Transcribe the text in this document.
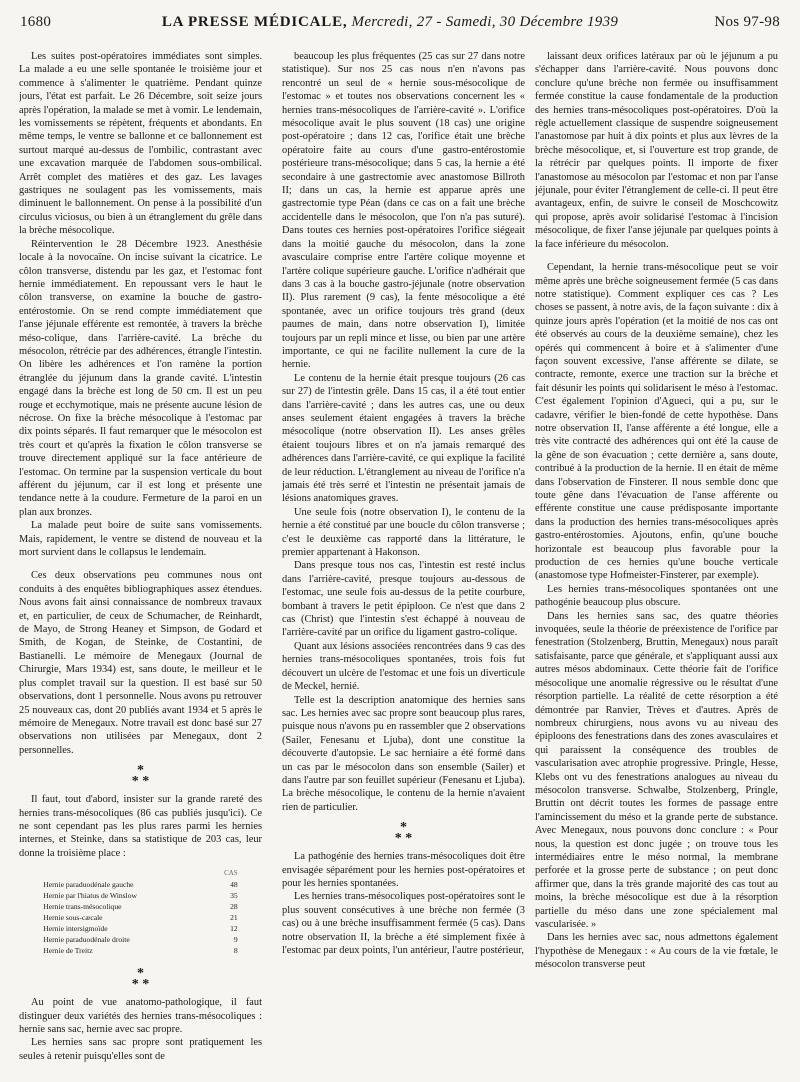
1680	LA PRESSE MÉDICALE, Mercredi, 27 - Samedi, 30 Décembre 1939	Nos 97-98

Les suites post-opératoires immédiates sont simples. La malade a eu une selle spontanée le troisième jour et commence à s'alimenter le quatrième. Pendant quinze jours, l'état est parfait. Le 26 Décembre, soit seize jours après l'opération, la malade se met à vomir. Le lendemain, les vomissements se répètent, fréquents et abondants. En même temps, le ventre se ballonne et ce ballonnement est surtout marqué au-dessus de l'ombilic, contrastant avec une excavation marquée de l'abdomen sous-ombilical. Arrêt complet des matières et des gaz. Les lavages gastriques ne soulagent pas les vomissements, mais diminuent le ballonnement. On pense à la possibilité d'un circulus viciosus, ou bien à un étranglement du grêle dans la brèche mésocolique.

Réintervention le 28 Décembre 1923. Anesthésie locale à la novocaïne. On incise suivant la cicatrice. Le côlon transverse, distendu par les gaz, et l'estomac font hernie immédiatement. En repoussant vers le haut le côlon transverse, on examine la bouche de gastro-entérostomie. On se rend compte immédiatement que l'anse jéjunale efférente est remontée, à travers la brèche méso-colique, dans l'arrière-cavité. La brèche du mésocolon, rétrécie par des adhérences, étrangle l'intestin. On libère les adhérences et l'on ramène la portion étranglée du jéjunum dans la grande cavité. L'intestin engagé dans la brèche est long de 50 cm. Il est un peu rouge et ecchymotique, mais ne présente aucune lésion de nécrose. On fixe la brèche mésocolique à l'estomac par dix points séparés. Il faut remarquer que le mésocolon est très court et qu'après la fixation le côlon transverse se trouve directement appliqué sur la face antérieure de l'estomac. On termine par la suspension verticale du bout afférent du jéjunum, car il est long et présente une tendance nette à la coudure. Fermeture de la paroi en un plan aux bronzes.

La malade peut boire de suite sans vomissements. Mais, rapidement, le ventre se distend de nouveau et la mort survient dans le collapsus le lendemain.

Ces deux observations peu communes nous ont conduits à des enquêtes bibliographiques assez étendues. Nous avons fait ainsi connaissance de nombreux travaux et, en particulier, de ceux de Schumacher, de Reinhardt, de Mayo, de Strong Heaney et Simpson, de Godard et Smith, de Kogan, de Steinke, de Costantini, de Bastianelli. Le mémoire de Menegaux (Journal de Chirurgie, Mars 1934) est, sans doute, le meilleur et le plus complet travail sur la question. Il est basé sur 50 observations, dont 1 personnelle. Nous avons pu retrouver 25 nouveaux cas, dont 20 publiés avant 1934 et 5 après le mémoire de Menegaux. Notre travail est donc basé sur 27 observations non utilisées par Menegaux, dont 2 personnelles.

*
* *

Il faut, tout d'abord, insister sur la grande rareté des hernies trans-mésocoliques (86 cas publiés jusqu'ici). Ce ne sont cependant pas les plus rares parmi les hernies internes, et Steinke, dans sa statistique de 203 cas, leur donne la troisième place :

	CAS
Hernie paraduodénale gauche	48
Hernie par l'hiatus de Winslow	35
Hernie trans-mésocolique	28
Hernie sous-cæcale	21
Hernie intersigmoïde	12
Hernie paraduodénale droite	9
Hernie de Treitz	8
*
* *

Au point de vue anatomo-pathologique, il faut distinguer deux variétés des hernies trans-mésocoliques : hernie sans sac, hernie avec sac propre.

Les hernies sans sac propre sont pratiquement les seules à retenir puisqu'elles sont de

beaucoup les plus fréquentes (25 cas sur 27 dans notre statistique). Sur nos 25 cas nous n'en n'avons pas rencontré un seul de « hernie sous-mésocolique de l'estomac » et toutes nos observations concernent les « hernies trans-mésocoliques de l'arrière-cavité ». L'orifice mésocolique avait le plus souvent (18 cas) une origine post-opératoire ; dans 12 cas, l'orifice était une brèche opératoire faite au cours d'une gastro-entérostomie postérieure trans-mésocolique; dans 5 cas, la hernie a été secondaire à une gastrectomie avec anastomose Billroth II; dans un cas, la hernie est apparue après une gastrectomie type Péan (dans ce cas on a fait une brèche accidentelle dans le mésocolon, que l'on n'a pas suturé). Dans toutes ces hernies post-opératoires l'orifice siégeait dans la moitié gauche du mésocolon, dans la zone avasculaire comprise entre l'artère colique moyenne et l'artère colique supérieure gauche. L'orifice n'adhérait que dans 3 cas à la bouche gastro-jéjunale (notre observation II). Plus rarement (9 cas), la fente mésocolique a été spontanée, avec un orifice toujours très grand (deux paumes de main, dans notre observation I), limitée toujours par un repli mince et lisse, ou bien par une artère importante, ce qui ne facilite nullement la cure de la hernie.

Le contenu de la hernie était presque toujours (26 cas sur 27) de l'intestin grêle. Dans 15 cas, il a été tout entier dans l'arrière-cavité ; dans les autres cas, une ou deux anses seulement étaient engagées à travers la brèche mésocolique (notre observation II). Les anses grêles étaient toujours libres et on n'a jamais remarqué des adhérences dans l'arrière-cavité, ce qui explique la facilité de leur réduction. L'étranglement au niveau de l'orifice n'a jamais été très serré et l'intestin ne présentait jamais de lésions anatomiques graves.

Une seule fois (notre observation I), le contenu de la hernie a été constitué par une boucle du côlon transverse ; c'est le deuxième cas rapporté dans la littérature, le premier appartenant à Hakonson.

Dans presque tous nos cas, l'intestin est resté inclus dans l'arrière-cavité, presque toujours au-dessous de l'estomac, une seule fois au-dessus de la petite courbure, bombant à travers le petit épiploon. Ce n'est que dans 2 cas (Christ) que l'intestin s'est échappé à nouveau de l'arrière-cavité par un orifice du ligament gastro-colique.

Quant aux lésions associées rencontrées dans 9 cas des hernies trans-mésocoliques spontanées, trois fois fut découvert un ulcère de l'estomac et une fois un diverticule de Meckel, hernié.

Telle est la description anatomique des hernies sans sac. Les hernies avec sac propre sont beaucoup plus rares, puisque nous n'avons pu en rassembler que 2 observations (Sailer, Fenesanu et Ljuba), dont une constitue la découverte d'autopsie. Le sac herniaire a été formé dans un cas par le mésocolon dans son ensemble (Sailer) et dans l'autre par son feuillet supérieur (Fenesanu et Ljuba). La brèche mésocolique, le contenu de la hernie n'avaient rien de particulier.

*
* *

La pathogénie des hernies trans-mésocoliques doit être envisagée séparément pour les hernies post-opératoires et pour les hernies spontanées.

Les hernies trans-mésocoliques post-opératoires sont le plus souvent consécutives à une brèche non fermée (3 cas) ou à une brèche insuffisamment fermée (5 cas). Dans notre observation II, la brèche a été simplement fixée à l'estomac par deux points, l'un antérieur, l'autre postérieur,

laissant deux orifices latéraux par où le jéjunum a pu s'échapper dans l'arrière-cavité. Nous pouvons donc conclure qu'une brèche non fermée ou insuffisamment fermée constitue la cause fondamentale de la production des hernies trans-mésocoliques post-opératoires. D'où la règle actuellement classique de suspendre soigneusement l'anastomose par huit à dix points et plus aux lèvres de la brèche mésocolique, et, si l'ouverture est trop grande, de la rétrécir par quelques points. Il importe de fixer l'anastomose au mésocolon par l'estomac et non par l'anse jéjunale, pour éviter l'étranglement de celle-ci. Il peut être avantageux, enfin, de suivre le conseil de Moschcowitz qui propose, après avoir solidarisé l'estomac à l'incision mésocolique, de fixer l'anse jéjunale par quelques points à la face inférieure du mésocolon.

Cependant, la hernie trans-mésocolique peut se voir même après une brèche soigneusement fermée (5 cas dans notre statistique). Comment expliquer ces cas ? Les choses se passent, à notre avis, de la façon suivante : dix à quinze jours après l'opération (et la moitié de nos cas ont été observés au cours de la deuxième semaine), chez les opérés qui commencent à boire et à s'alimenter d'une façon souvent excessive, l'anse afférente se dilate, se contracte, remonte, exerce une traction sur la brèche et fait désunir les points qui solidarisent le méso à l'estomac. C'est également l'opinion d'Agueci, qui a pu, sur le cadavre, vérifier le bien-fondé de cette hypothèse. Dans notre observation II, l'anse afférente a été longue, elle a très vite contracté des adhérences qui ont été la cause de la gêne de son évacuation ; cette dernière a, sans doute, contribué à la production de la hernie. Il en était de même dans l'observation de Finsterer. Il nous semble donc que toute gêne dans l'évacuation de l'anse afférente ou efférente constitue une cause prédisposante importante dans la production des hernies trans-mésocoliques après gastro-entérostomies. Ajoutons, enfin, qu'une bouche horizontale est beaucoup plus favorable pour la production de ces hernies qu'une bouche verticale (anastomose type Hofmeister-Finsterer, par exemple).

Les hernies trans-mésocoliques spontanées ont une pathogénie beaucoup plus obscure.

Dans les hernies sans sac, des quatre théories invoquées, seule la théorie de préexistence de l'orifice par fenestration (Stolzenberg, Bruttin, Menegaux) nous paraît satisfaisante, parce que générale, et s'appliquant aussi aux autres mésos abdominaux. Cette théorie fait de l'orifice mésocolique une anomalie régressive ou le résultat d'une résorption partielle. La réalité de cette résorption a été démontrée par Ranvier, Trèves et d'autres. Après de nombreux chirurgiens, nous avons vu au niveau des épiploons des fenestrations dans des zones avasculaires et qui paraissent la conséquence des troubles de vascularisation avec atrophie progressive. Pringle, Hesse, Klebs ont vu des fenestrations analogues au niveau du mésocolon transverse. Schwalbe, Stolzenberg, Pringle, Bruttin ont décrit toutes les formes de passage entre l'amincissement du méso et la grande perte de substance. Avec Menegaux, nous pouvons donc conclure : « Pour nous, la question est donc jugée ; on trouve tous les intermédiaires entre le méso normal, la membrane perforée et la grosse perte de substance ; on peut donc affirmer que, dans la très grande majorité des cas tout au moins, la brèche mésocolique est due à la résorption partielle du méso dans une zone spécialement mal vascularisée. »

Dans les hernies avec sac, nous admettons également l'hypothèse de Menegaux : « Au cours de la vie fœtale, le mésocolon transverse peut
